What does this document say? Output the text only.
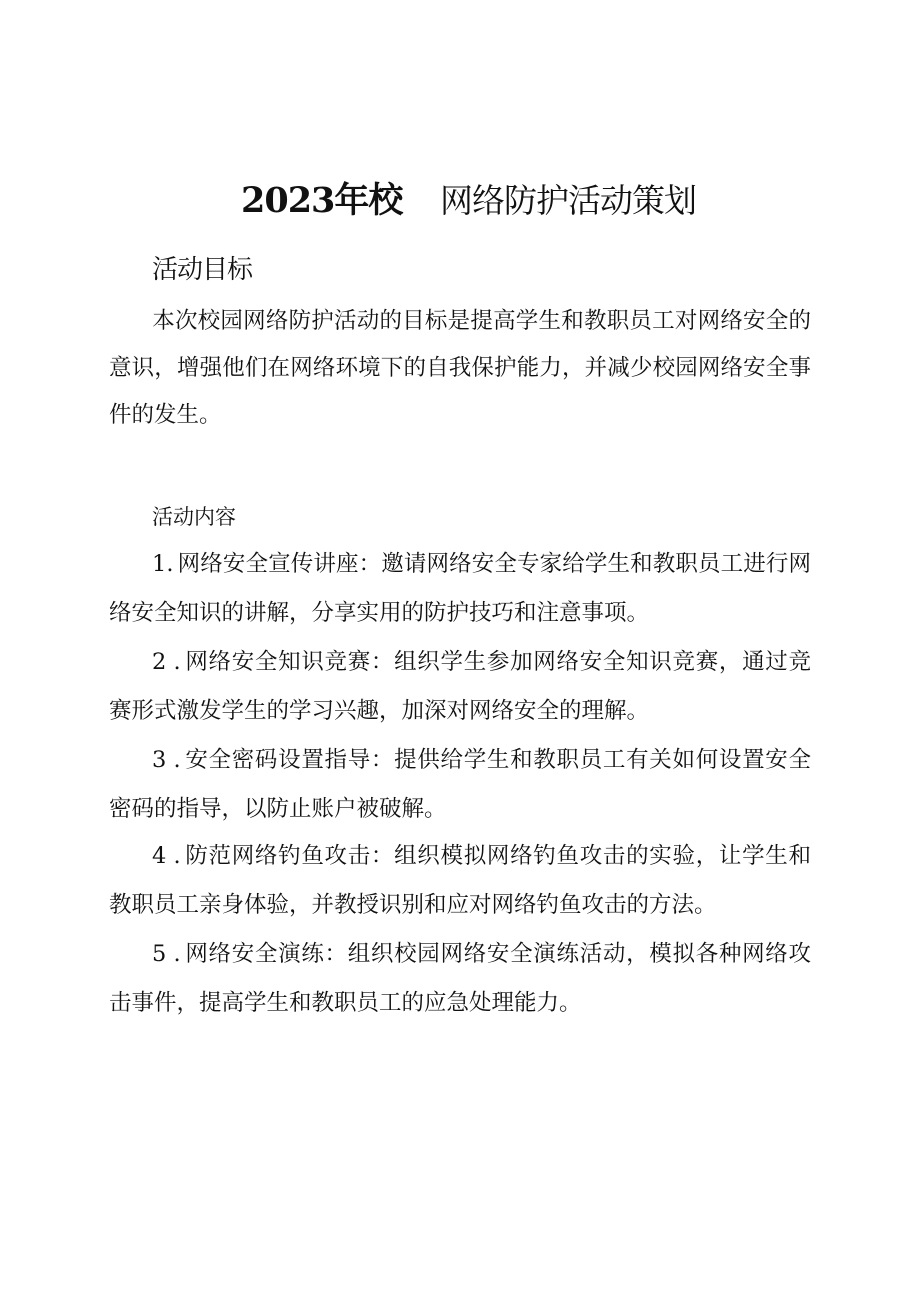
2023年校 网络防护活动策划
活动目标
本次校园网络防护活动的目标是提高学生和教职员工对网络安全的意识，增强他们在网络环境下的自我保护能力，并减少校园网络安全事件的发生。
活动内容
1. 网络安全宣传讲座：邀请网络安全专家给学生和教职员工进行网络安全知识的讲解，分享实用的防护技巧和注意事项。
2 . 网络安全知识竞赛：组织学生参加网络安全知识竞赛，通过竞赛形式激发学生的学习兴趣，加深对网络安全的理解。
3 . 安全密码设置指导：提供给学生和教职员工有关如何设置安全密码的指导，以防止账户被破解。
4 . 防范网络钓鱼攻击：组织模拟网络钓鱼攻击的实验，让学生和教职员工亲身体验，并教授识别和应对网络钓鱼攻击的方法。
5 . 网络安全演练：组织校园网络安全演练活动，模拟各种网络攻击事件，提高学生和教职员工的应急处理能力。
